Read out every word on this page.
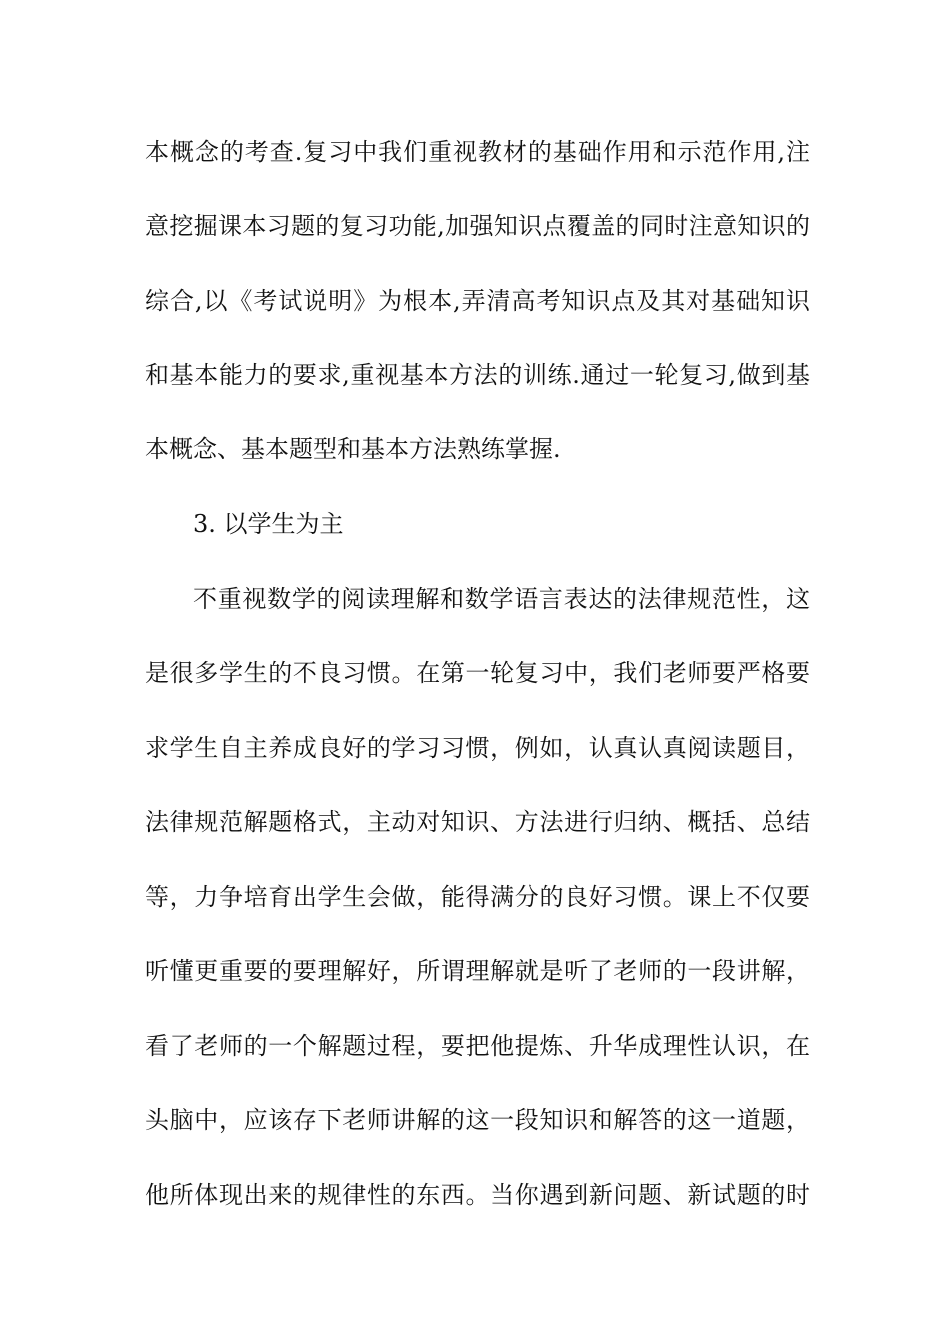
本概念的考查.复习中我们重视教材的基础作用和示范作用,注
意挖掘课本习题的复习功能,加强知识点覆盖的同时注意知识的
综合,以《考试说明》为根本,弄清高考知识点及其对基础知识
和基本能力的要求,重视基本方法的训练.通过一轮复习,做到基
本概念、基本题型和基本方法熟练掌握.
3. 以学生为主
不重视数学的阅读理解和数学语言表达的法律规范性，这
是很多学生的不良习惯。在第一轮复习中，我们老师要严格要
求学生自主养成良好的学习习惯，例如，认真认真阅读题目，
法律规范解题格式，主动对知识、方法进行归纳、概括、总结
等，力争培育出学生会做，能得满分的良好习惯。课上不仅要
听懂更重要的要理解好，所谓理解就是听了老师的一段讲解，
看了老师的一个解题过程，要把他提炼、升华成理性认识，在
头脑中，应该存下老师讲解的这一段知识和解答的这一道题，
他所体现出来的规律性的东西。当你遇到新问题、新试题的时
